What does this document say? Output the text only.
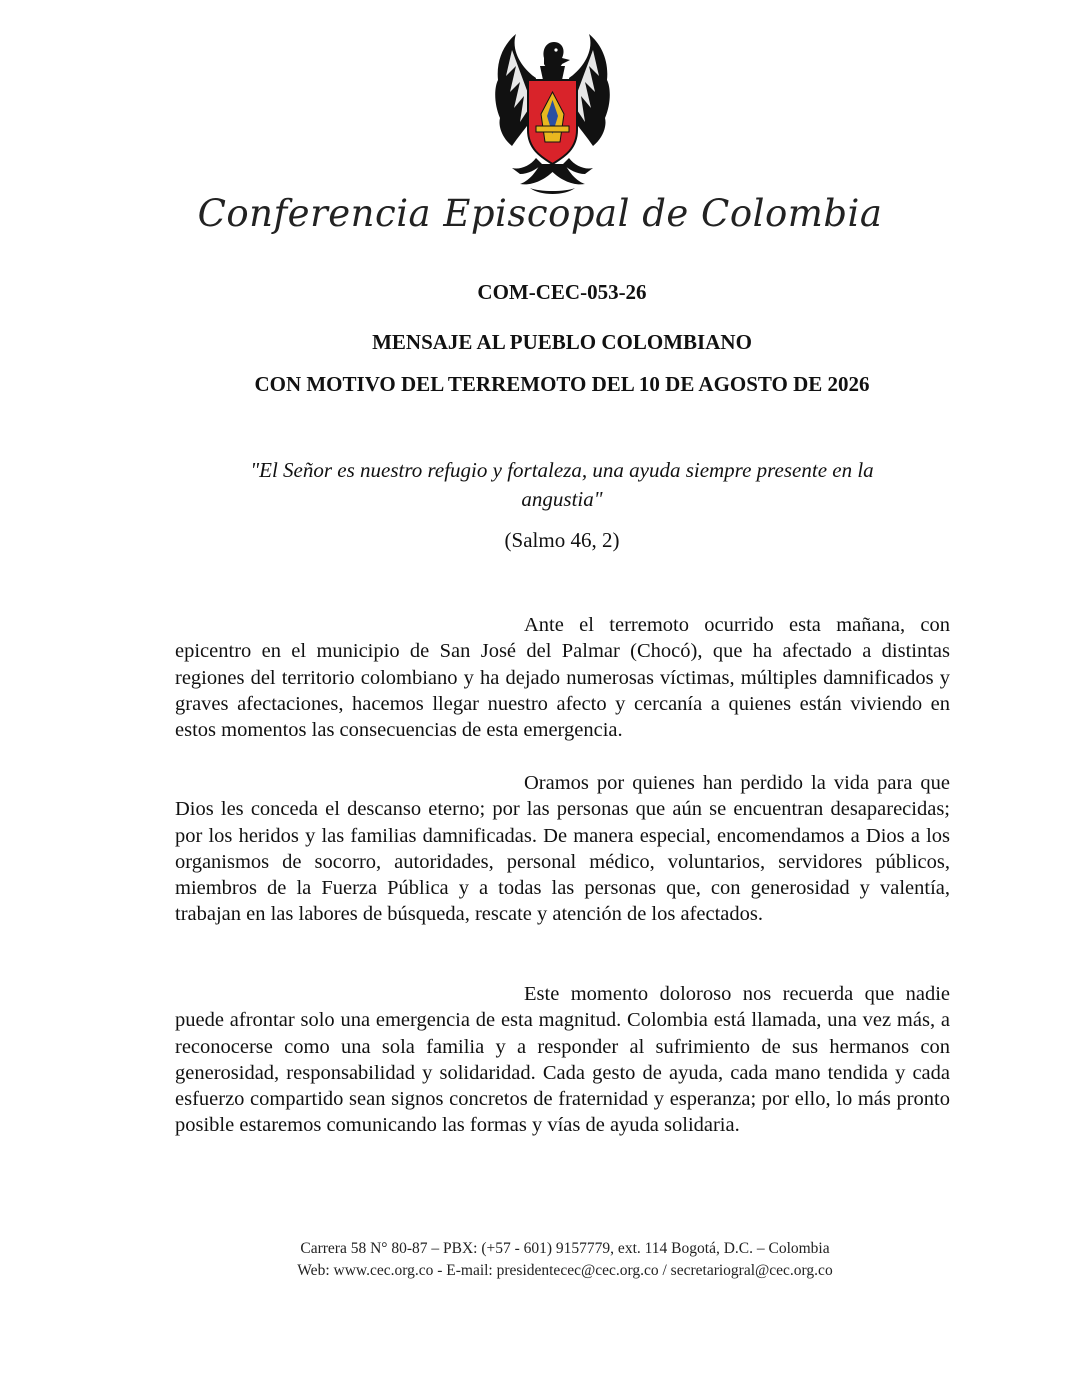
Conferencia Episcopal de Colombia
COM-CEC-053-26
MENSAJE AL PUEBLO COLOMBIANO
CON MOTIVO DEL TERREMOTO DEL 10 DE AGOSTO DE 2026
"El Señor es nuestro refugio y fortaleza, una ayuda siempre presente en la angustia"
(Salmo 46, 2)

Ante el terremoto ocurrido esta mañana, con epicentro en el municipio de San José del Palmar (Chocó), que ha afectado a distintas regiones del territorio colombiano y ha dejado numerosas víctimas, múltiples damnificados y graves afectaciones, hacemos llegar nuestro afecto y cercanía a quienes están viviendo en estos momentos las consecuencias de esta emergencia.

Oramos por quienes han perdido la vida para que Dios les conceda el descanso eterno; por las personas que aún se encuentran desaparecidas; por los heridos y las familias damnificadas. De manera especial, encomendamos a Dios a los organismos de socorro, autoridades, personal médico, voluntarios, servidores públicos, miembros de la Fuerza Pública y a todas las personas que, con generosidad y valentía, trabajan en las labores de búsqueda, rescate y atención de los afectados.

Este momento doloroso nos recuerda que nadie puede afrontar solo una emergencia de esta magnitud. Colombia está llamada, una vez más, a reconocerse como una sola familia y a responder al sufrimiento de sus hermanos con generosidad, responsabilidad y solidaridad. Cada gesto de ayuda, cada mano tendida y cada esfuerzo compartido sean signos concretos de fraternidad y esperanza; por ello, lo más pronto posible estaremos comunicando las formas y vías de ayuda solidaria.

Carrera 58 N° 80-87 – PBX: (+57 - 601) 9157779, ext. 114 Bogotá, D.C. – Colombia
Web: www.cec.org.co - E-mail: presidentecec@cec.org.co / secretariogral@cec.org.co
